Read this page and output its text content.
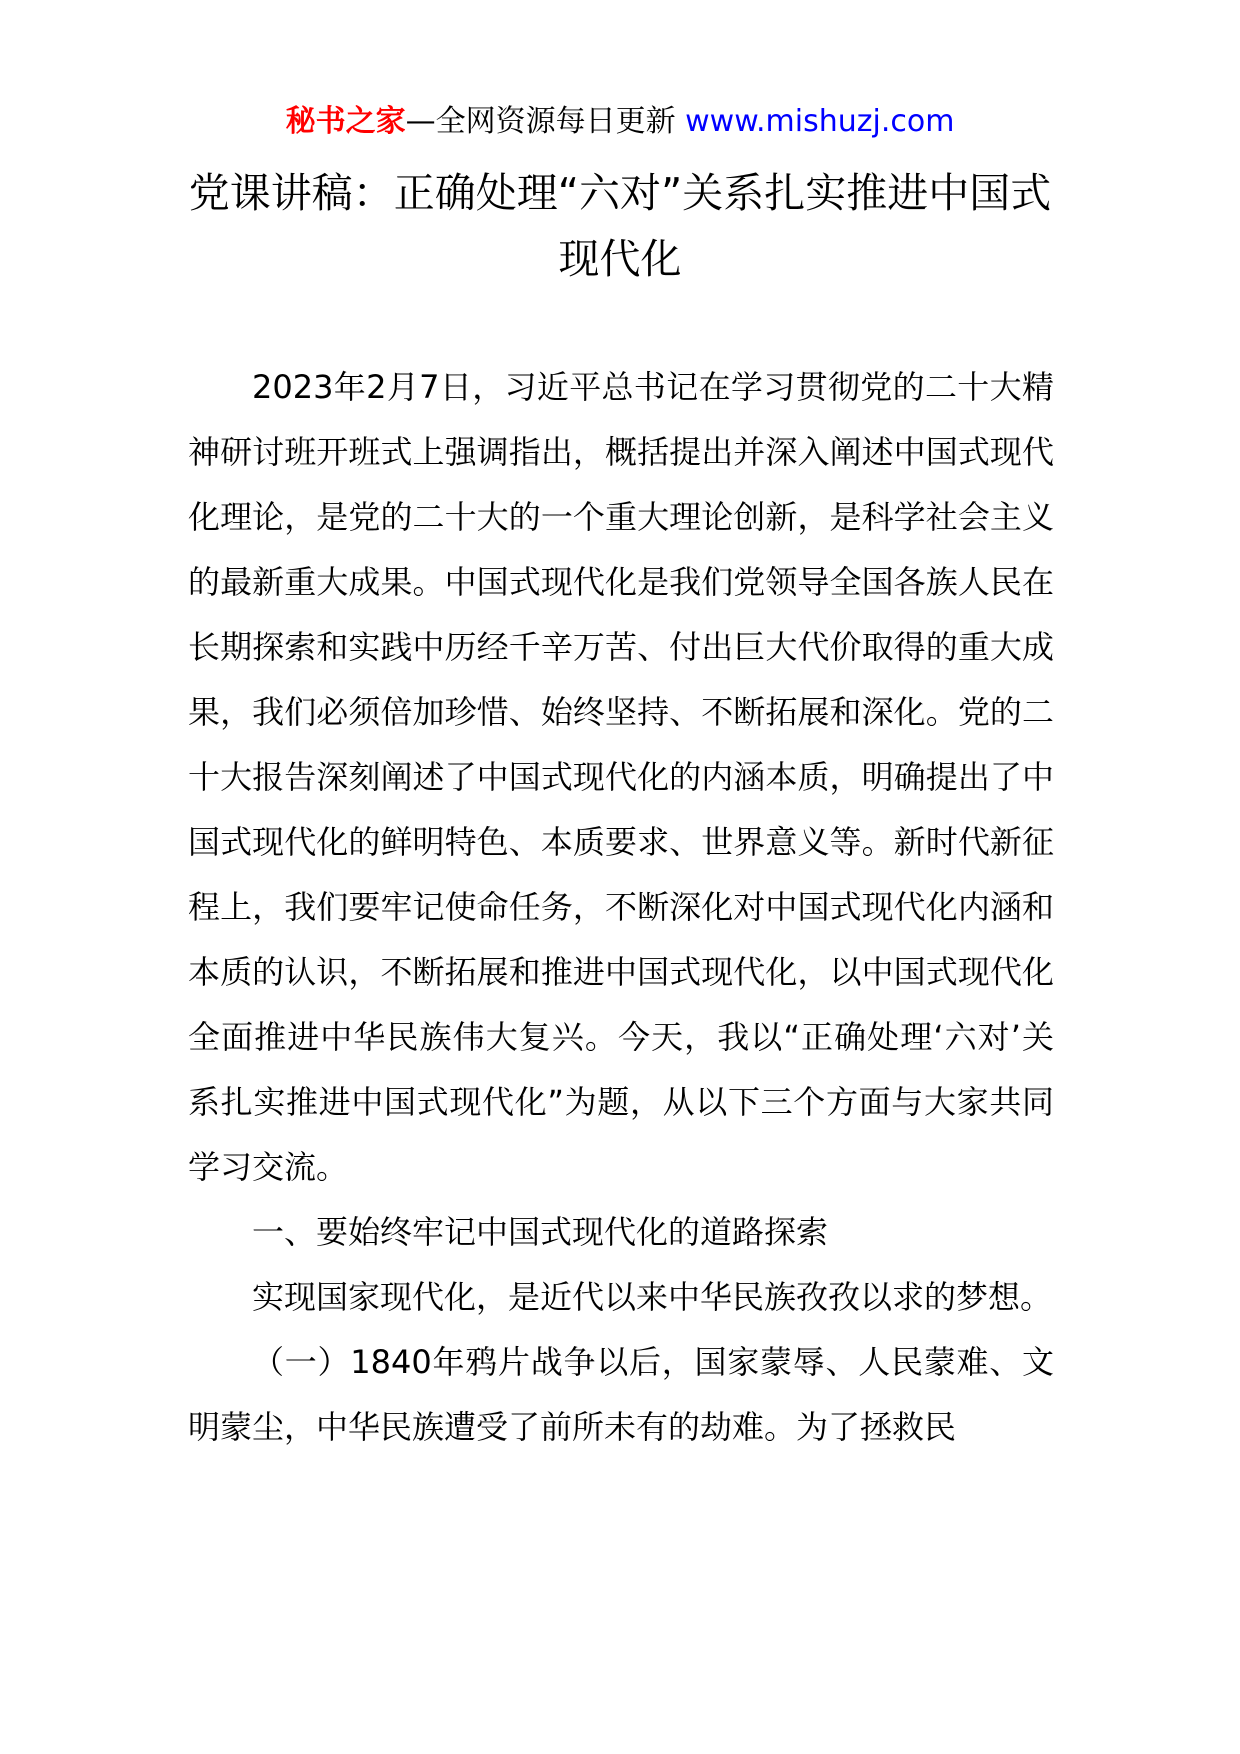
秘书之家—全网资源每日更新 www.mishuzj.com
党课讲稿：正确处理“六对”关系扎实推进中国式现代化

2023年2月7日，习近平总书记在学习贯彻党的二十大精神研讨班开班式上强调指出，概括提出并深入阐述中国式现代化理论，是党的二十大的一个重大理论创新，是科学社会主义的最新重大成果。中国式现代化是我们党领导全国各族人民在长期探索和实践中历经千辛万苦、付出巨大代价取得的重大成果，我们必须倍加珍惜、始终坚持、不断拓展和深化。党的二十大报告深刻阐述了中国式现代化的内涵本质，明确提出了中国式现代化的鲜明特色、本质要求、世界意义等。新时代新征程上，我们要牢记使命任务，不断深化对中国式现代化内涵和本质的认识，不断拓展和推进中国式现代化，以中国式现代化全面推进中华民族伟大复兴。今天，我以“正确处理‘六对’关系扎实推进中国式现代化”为题，从以下三个方面与大家共同学习交流。

一、要始终牢记中国式现代化的道路探索

实现国家现代化，是近代以来中华民族孜孜以求的梦想。

（一）1840年鸦片战争以后，国家蒙辱、人民蒙难、文明蒙尘，中华民族遭受了前所未有的劫难。为了拯救民
